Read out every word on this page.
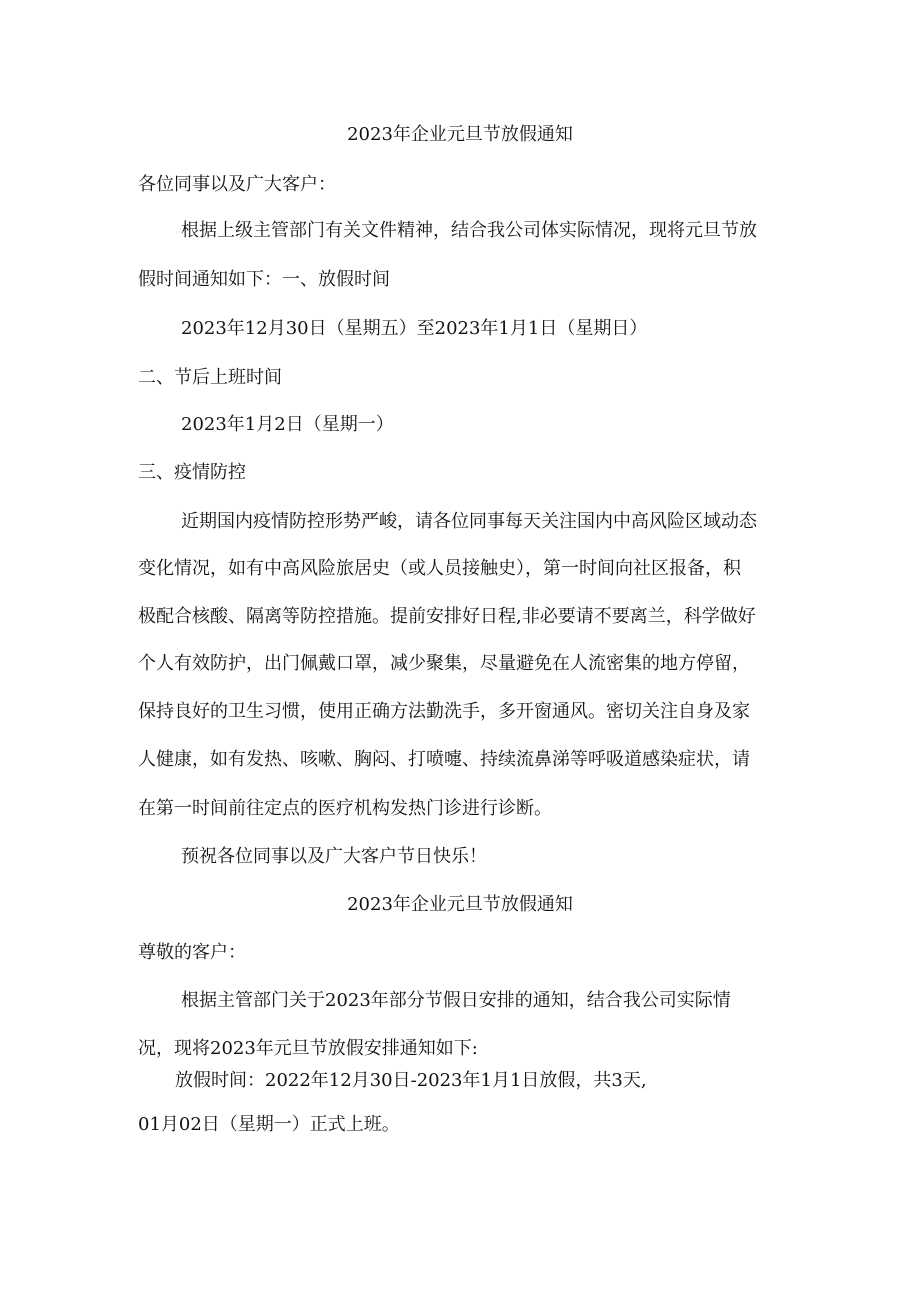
2023年企业元旦节放假通知
各位同事以及广大客户：
根据上级主管部门有关文件精神，结合我公司体实际情况，现将元旦节放
假时间通知如下：一、放假时间
2023年12月30日（星期五）至2023年1月1日（星期日）
二、节后上班时间
2023年1月2日（星期一）
三、疫情防控
近期国内疫情防控形势严峻，请各位同事每天关注国内中高风险区域动态
变化情况，如有中高风险旅居史（或人员接触史），第一时间向社区报备，积
极配合核酸、隔离等防控措施。提前安排好日程,非必要请不要离兰，科学做好
个人有效防护，出门佩戴口罩，减少聚集，尽量避免在人流密集的地方停留，
保持良好的卫生习惯，使用正确方法勤洗手，多开窗通风。密切关注自身及家
人健康，如有发热、咳嗽、胸闷、打喷嚏、持续流鼻涕等呼吸道感染症状，请
在第一时间前往定点的医疗机构发热门诊进行诊断。
预祝各位同事以及广大客户节日快乐！
2023年企业元旦节放假通知
尊敬的客户：
根据主管部门关于2023年部分节假日安排的通知，结合我公司实际情
况，现将2023年元旦节放假安排通知如下:
放假时间：2022年12月30日-2023年1月1日放假，共3天,
01月02日（星期一）正式上班。
